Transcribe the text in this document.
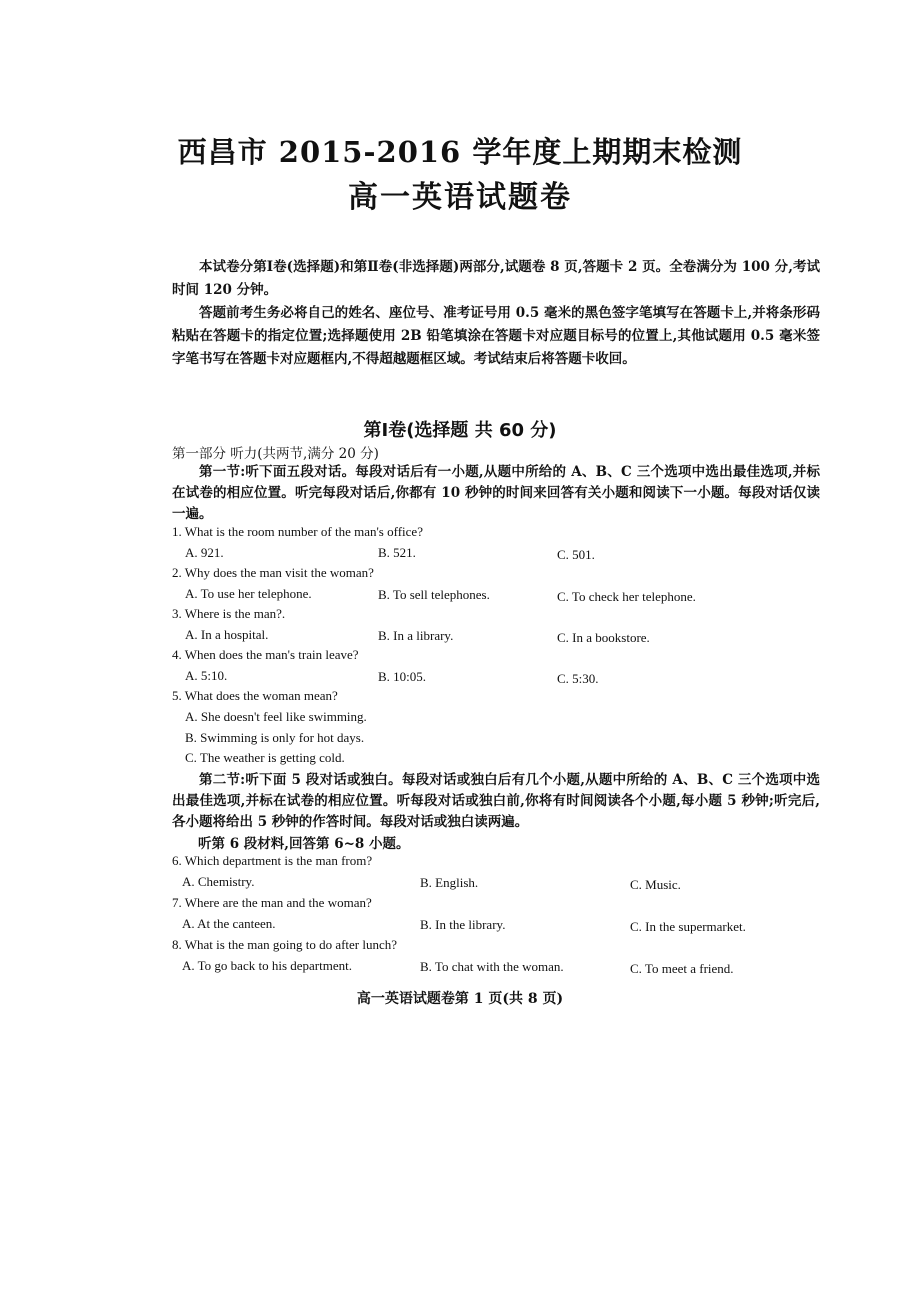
西昌市 2015-2016 学年度上期期末检测
高一英语试题卷

本试卷分第Ⅰ卷(选择题)和第Ⅱ卷(非选择题)两部分,试题卷 8 页,答题卡 2 页。全卷满分为 100 分,考试时间 120 分钟。

答题前考生务必将自己的姓名、座位号、准考证号用 0.5 毫米的黑色签字笔填写在答题卡上,并将条形码粘贴在答题卡的指定位置;选择题使用 2B 铅笔填涂在答题卡对应题目标号的位置上,其他试题用 0.5 毫米签字笔书写在答题卡对应题框内,不得超越题框区域。考试结束后将答题卡收回。

第Ⅰ卷(选择题 共 60 分)
第一部分 听力(共两节,满分 20 分)

第一节:听下面五段对话。每段对话后有一小题,从题中所给的 A、B、C 三个选项中选出最佳选项,并标在试卷的相应位置。听完每段对话后,你都有 10 秒钟的时间来回答有关小题和阅读下一小题。每段对话仅读一遍。

1. What is the room number of the man's office?
A. 921.	B. 521.	C. 501.
2. Why does the man visit the woman?
A. To use her telephone.	B. To sell telephones.	C. To check her telephone.
3. Where is the man?.
A. In a hospital.	B. In a library.	C. In a bookstore.
4. When does the man's train leave?
A. 5:10.	B. 10:05.	C. 5:30.
5. What does the woman mean?
A. She doesn't feel like swimming.
B. Swimming is only for hot days.
C. The weather is getting cold.

第二节:听下面 5 段对话或独白。每段对话或独白后有几个小题,从题中所给的 A、B、C 三个选项中选出最佳选项,并标在试卷的相应位置。听每段对话或独白前,你将有时间阅读各个小题,每小题 5 秒钟;听完后,各小题将给出 5 秒钟的作答时间。每段对话或独白读两遍。

听第 6 段材料,回答第 6~8 小题。
6. Which department is the man from?
A. Chemistry.	B. English.	C. Music.
7. Where are the man and the woman?
A. At the canteen.	B. In the library.	C. In the supermarket.
8. What is the man going to do after lunch?
A. To go back to his department.	B. To chat with the woman.	C. To meet a friend.
高一英语试题卷第 1 页(共 8 页)
